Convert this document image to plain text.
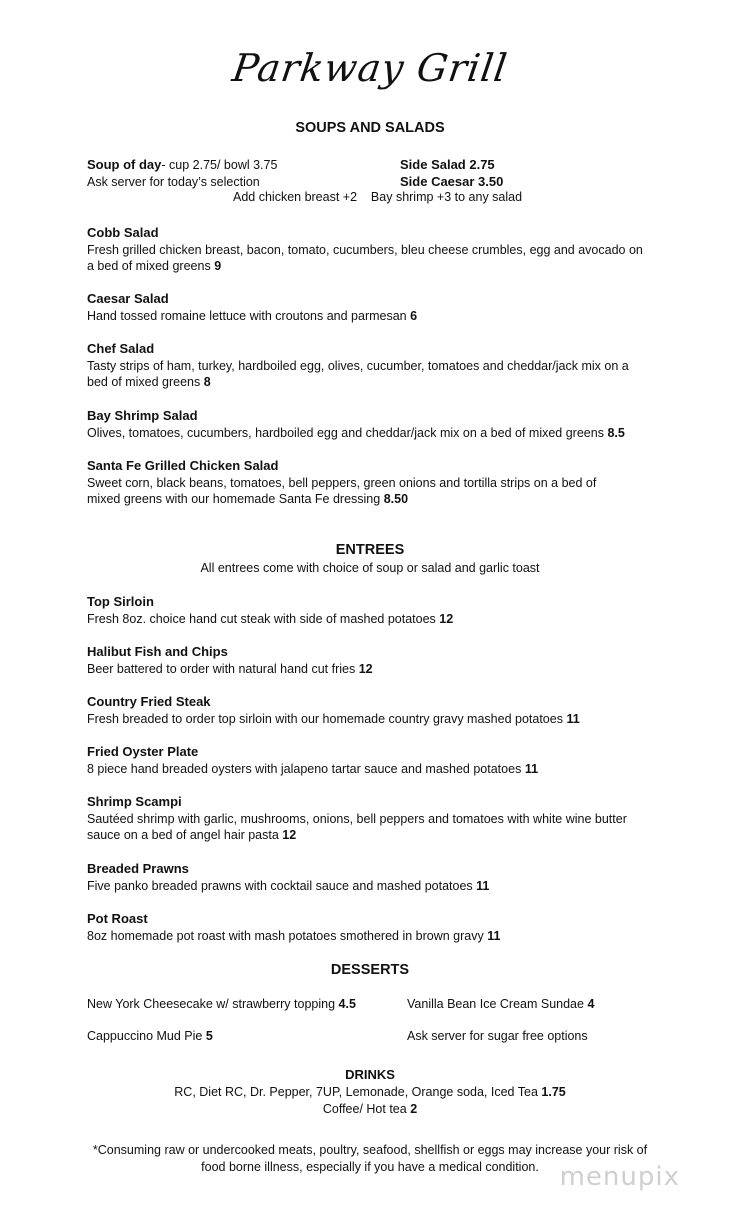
Parkway Grill
SOUPS AND SALADS
Soup of day- cup 2.75/ bowl 3.75
Ask server for today’s selection
Side Salad 2.75
Side Caesar 3.50
Add chicken breast +2    Bay shrimp +3 to any salad
Cobb Salad
Fresh grilled chicken breast, bacon, tomato, cucumbers, bleu cheese crumbles, egg and avocado on a bed of mixed greens 9
Caesar Salad
Hand tossed romaine lettuce with croutons and parmesan 6
Chef Salad
Tasty strips of ham, turkey, hardboiled egg, olives, cucumber, tomatoes and cheddar/jack mix on a bed of mixed greens 8
Bay Shrimp Salad
Olives, tomatoes, cucumbers, hardboiled egg and cheddar/jack mix on a bed of mixed greens 8.5
Santa Fe Grilled Chicken Salad
Sweet corn, black beans, tomatoes, bell peppers, green onions and tortilla strips on a bed of mixed greens with our homemade Santa Fe dressing 8.50
ENTREES
All entrees come with choice of soup or salad and garlic toast
Top Sirloin
Fresh 8oz. choice hand cut steak with side of mashed potatoes 12
Halibut Fish and Chips
Beer battered to order with natural hand cut fries 12
Country Fried Steak
Fresh breaded to order top sirloin with our homemade country gravy mashed potatoes 11
Fried Oyster Plate
8 piece hand breaded oysters with jalapeno tartar sauce and mashed potatoes 11
Shrimp Scampi
Sautéed shrimp with garlic, mushrooms, onions, bell peppers and tomatoes with white wine butter sauce on a bed of angel hair pasta 12
Breaded Prawns
Five panko breaded prawns with cocktail sauce and mashed potatoes 11
Pot Roast
8oz homemade pot roast with mash potatoes smothered in brown gravy 11
DESSERTS
New York Cheesecake w/ strawberry topping 4.5	Vanilla Bean Ice Cream Sundae 4
Cappuccino Mud Pie 5	Ask server for sugar free options
DRINKS
RC, Diet RC, Dr. Pepper, 7UP, Lemonade, Orange soda, Iced Tea 1.75
Coffee/ Hot tea 2
*Consuming raw or undercooked meats, poultry, seafood, shellfish or eggs may increase your risk of
food borne illness, especially if you have a medical condition. menupix
